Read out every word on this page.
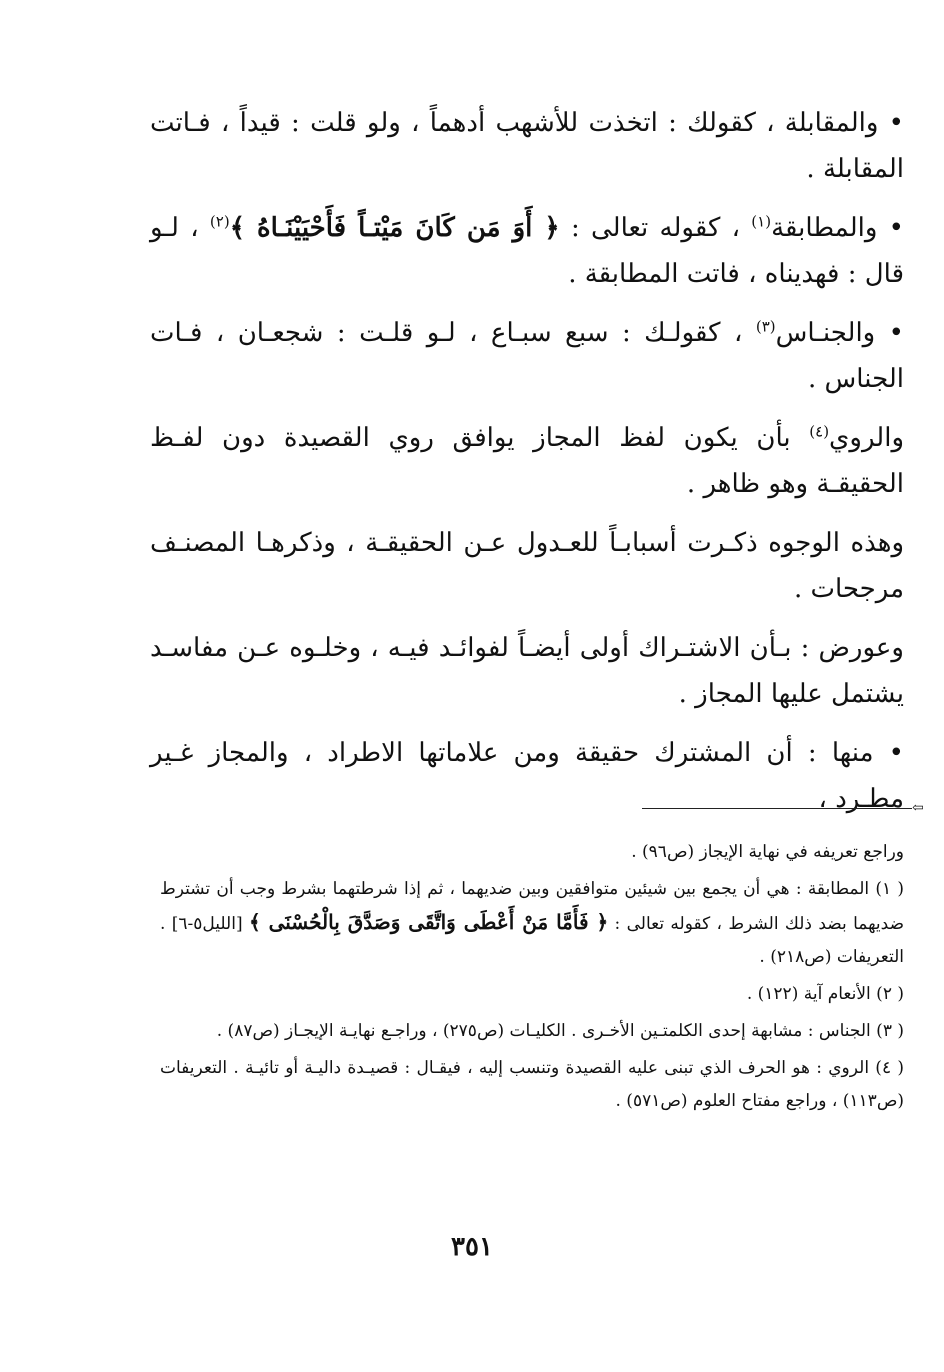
• والمقابلة ، كقولك : اتخذت للأشهب أدهماً ، ولو قلت : قيداً ، فـاتت المقابلة .

• والمطابقة$^{(١)}$ ، كقوله تعالى : ﴿ أَوَ مَن كَانَ مَيْتـاً فَأَحْيَيْنَـاهُ ﴾$^{(٢)}$ ، لـو قال : فهديناه ، فاتت المطابقة .

• والجنـاس$^{(٣)}$ ، كقولـك : سبع سبـاع ، لـو قلـت : شجعـان ، فـات الجناس .

والروي$^{(٤)}$ بأن يكون لفظ المجاز يوافق روي القصيدة دون لفـظ الحقيقـة وهو ظاهر .

وهذه الوجوه ذكـرت أسبابـاً للعـدول عـن الحقيقـة ، وذكرهـا المصنـف مرجحات .

وعورض : بـأن الاشتـراك أولى أيضـاً لفوائـد فيـه ، وخلـوه عـن مفاسـد يشتمل عليها المجاز .

• منها : أن المشترك حقيقة ومن علاماتها الاطراد ، والمجاز غـير مطـرد ، ⇦

وراجع تعريفه في نهاية الإيجاز (ص٩٦) .

( ١) المطابقة : هي أن يجمع بين شيئين متوافقين وبين ضديهما ، ثم إذا شرطتهما بشرط وجب أن تشترط ضديهما بضد ذلك الشرط ، كقوله تعالى : ﴿ فَأَمَّا مَنْ أَعْطَى وَاتَّقَى وَصَدَّقَ بِالْحُسْنَى ﴾ [الليل٥-٦] . التعريفات (ص٢١٨) .

( ٢) الأنعام آية (١٢٢) .

( ٣) الجناس : مشابهة إحدى الكلمتـين الأخـرى . الكليـات (ص٢٧٥) ، وراجـع نهايـة الإيجـاز (ص٨٧) .

( ٤) الروي : هو الحرف الذي تبنى عليه القصيدة وتنسب إليه ، فيقـال : قصيـدة داليـة أو تائيـة . التعريفات (ص١١٣) ، وراجع مفتاح العلوم (ص٥٧١) .

٣٥١
